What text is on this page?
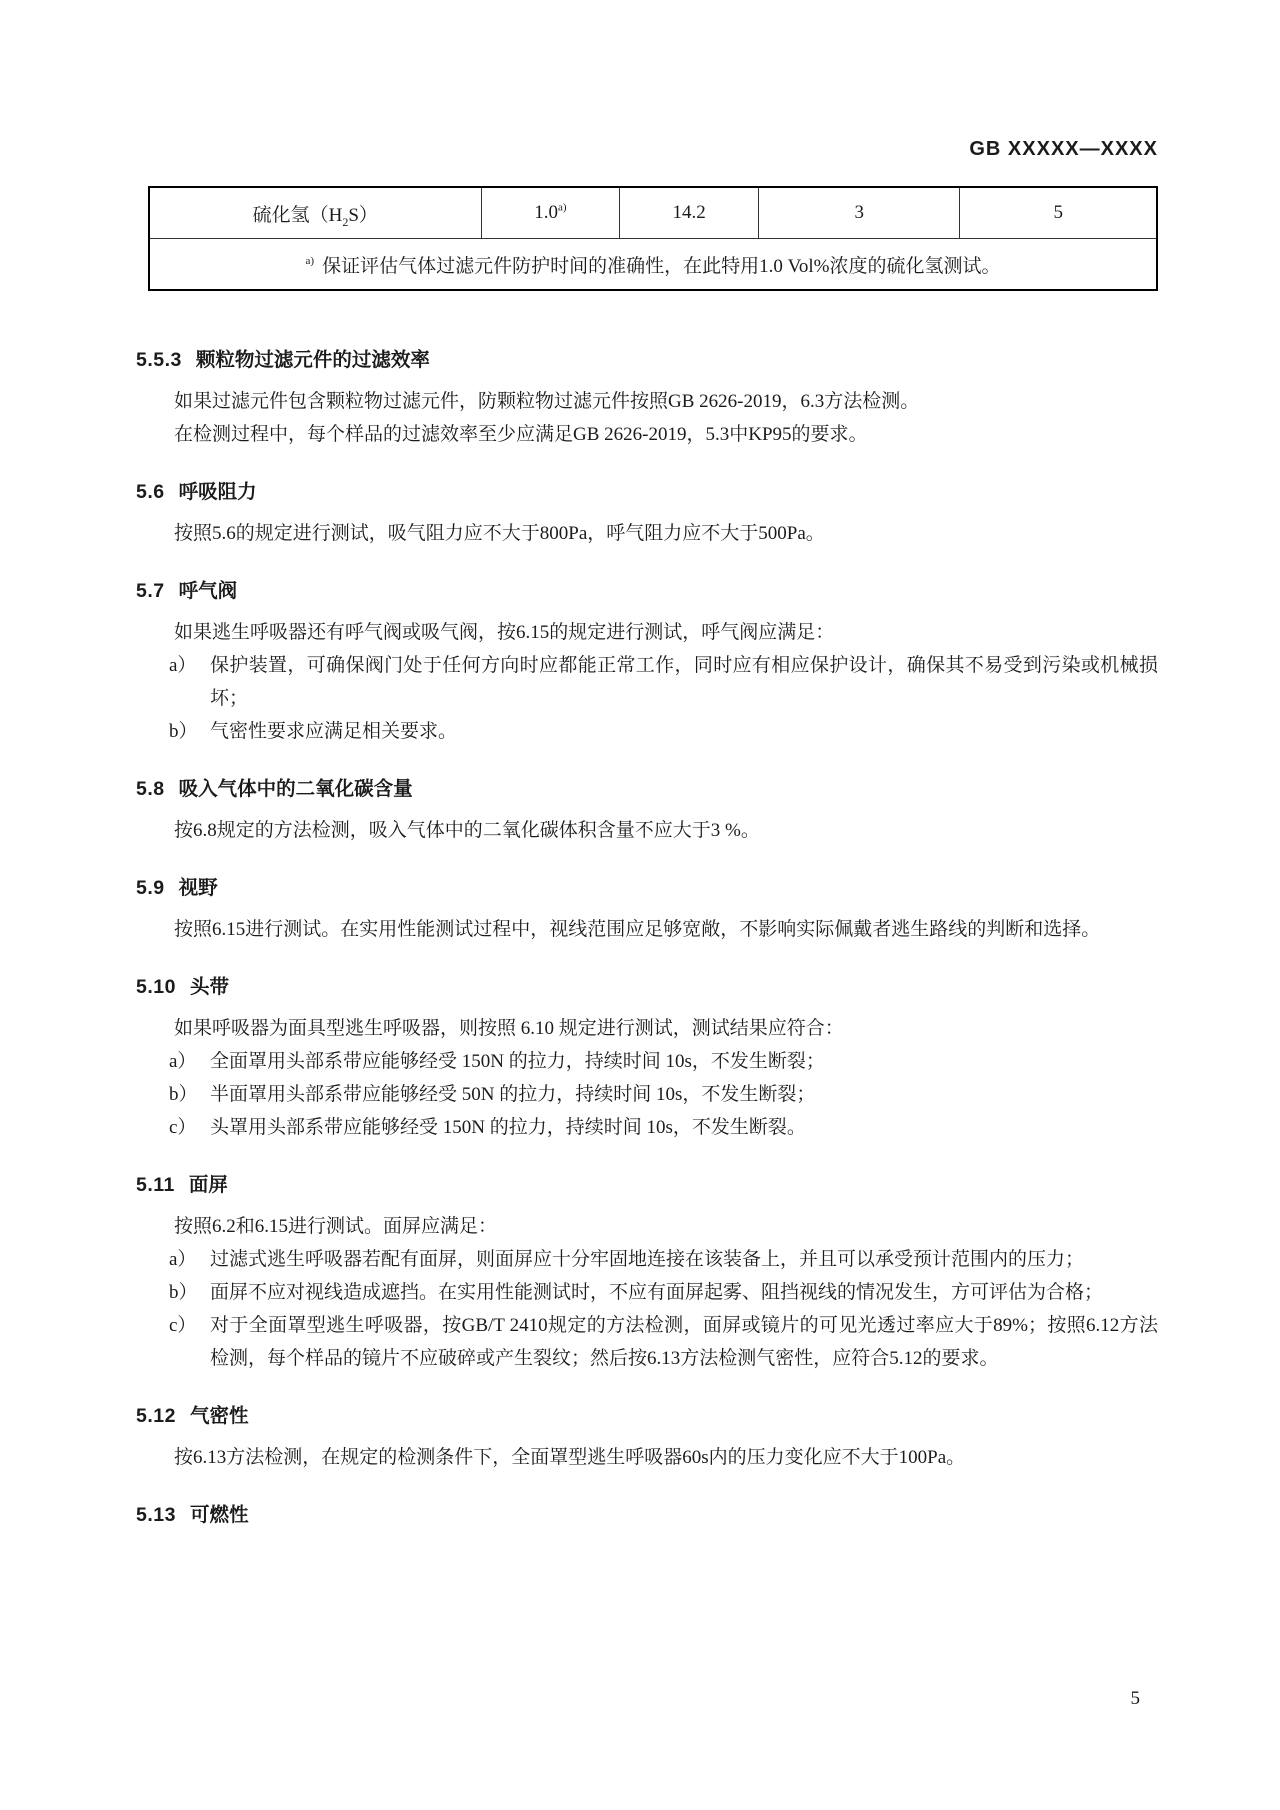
GB XXXXX—XXXX
硫化氢$(H_2S)$	1.0$^{a)}$	14.2	3	5
$^{a)}$ 保证评估气体过滤元件防护时间的准确性，在此特用1.0 Vol%浓度的硫化氢测试。
5.5.3 颗粒物过滤元件的过滤效率

如果过滤元件包含颗粒物过滤元件，防颗粒物过滤元件按照GB 2626-2019，6.3方法检测。

在检测过程中，每个样品的过滤效率至少应满足GB 2626-2019，5.3中KP95的要求。

5.6 呼吸阻力

按照5.6的规定进行测试，吸气阻力应不大于800Pa，呼气阻力应不大于500Pa。

5.7 呼气阀

如果逃生呼吸器还有呼气阀或吸气阀，按6.15的规定进行测试，呼气阀应满足：

a） 保护装置，可确保阀门处于任何方向时应都能正常工作，同时应有相应保护设计，确保其不易受到污染或机械损坏；
b） 气密性要求应满足相关要求。
5.8 吸入气体中的二氧化碳含量

按6.8规定的方法检测，吸入气体中的二氧化碳体积含量不应大于3 %。

5.9 视野

按照6.15进行测试。在实用性能测试过程中，视线范围应足够宽敞，不影响实际佩戴者逃生路线的判断和选择。

5.10 头带

如果呼吸器为面具型逃生呼吸器，则按照 6.10 规定进行测试，测试结果应符合：

a） 全面罩用头部系带应能够经受 150N 的拉力，持续时间 10s，不发生断裂；
b） 半面罩用头部系带应能够经受 50N 的拉力，持续时间 10s，不发生断裂；
c） 头罩用头部系带应能够经受 150N 的拉力，持续时间 10s，不发生断裂。
5.11 面屏

按照6.2和6.15进行测试。面屏应满足：

a） 过滤式逃生呼吸器若配有面屏，则面屏应十分牢固地连接在该装备上，并且可以承受预计范围内的压力；
b） 面屏不应对视线造成遮挡。在实用性能测试时，不应有面屏起雾、阻挡视线的情况发生，方可评估为合格；
c） 对于全面罩型逃生呼吸器，按GB/T 2410规定的方法检测，面屏或镜片的可见光透过率应大于89%；按照6.12方法检测，每个样品的镜片不应破碎或产生裂纹；然后按6.13方法检测气密性，应符合5.12的要求。
5.12 气密性

按6.13方法检测，在规定的检测条件下，全面罩型逃生呼吸器60s内的压力变化应不大于100Pa。

5.13 可燃性
5
